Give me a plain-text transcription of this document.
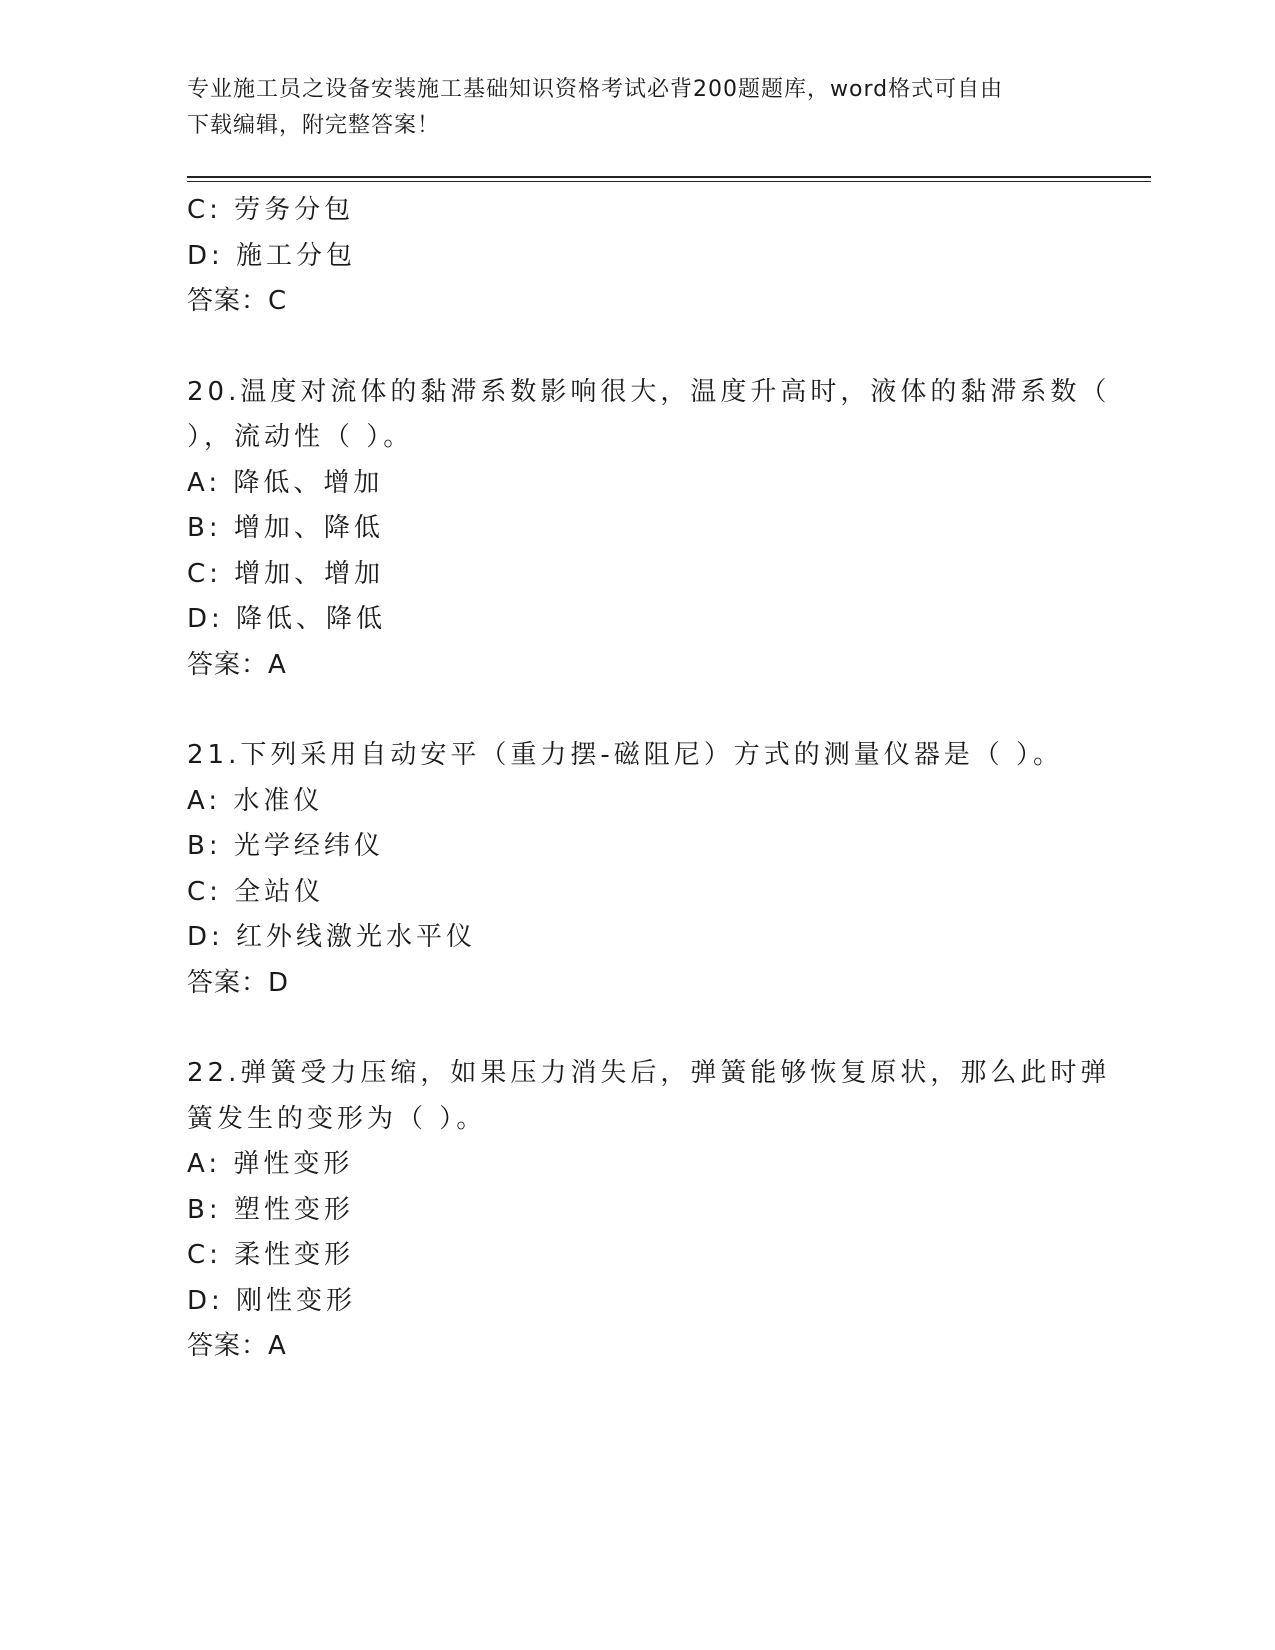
专业施工员之设备安装施工基础知识资格考试必背200题题库，word格式可自由
下载编辑，附完整答案！
C: 劳务分包
D: 施工分包
答案：C
20.温度对流体的黏滞系数影响很大，温度升高时，液体的黏滞系数（
），流动性（ ）。
A: 降低、增加
B: 增加、降低
C: 增加、增加
D: 降低、降低
答案：A
21.下列采用自动安平（重力摆-磁阻尼）方式的测量仪器是（ ）。
A: 水准仪
B: 光学经纬仪
C: 全站仪
D: 红外线激光水平仪
答案：D
22.弹簧受力压缩，如果压力消失后，弹簧能够恢复原状，那么此时弹
簧发生的变形为（ ）。
A: 弹性变形
B: 塑性变形
C: 柔性变形
D: 刚性变形
答案：A
